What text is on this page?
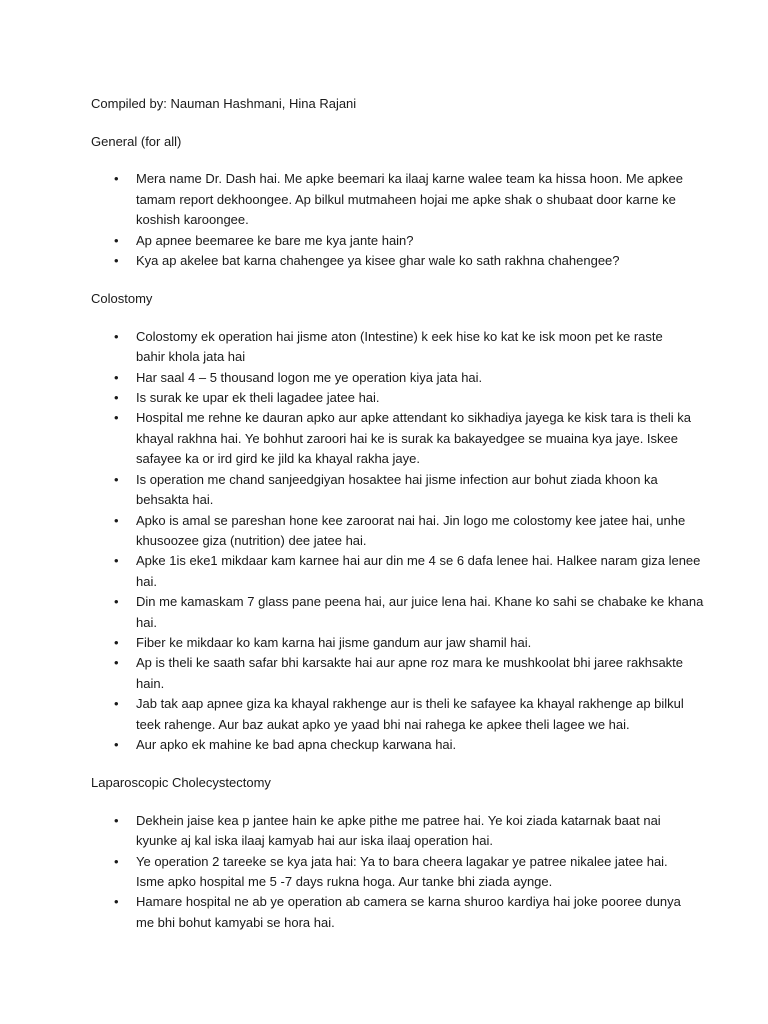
Compiled by: Nauman Hashmani, Hina Rajani

General (for all)

•	Mera name Dr. Dash hai. Me apke beemari ka ilaaj karne walee team ka hissa hoon. Me apkee
tamam report dekhoongee. Ap bilkul mutmaheen hojai me apke shak o shubaat door karne ke
koshish karoongee.
•	Ap apnee beemaree ke bare me kya jante hain?
•	Kya ap akelee bat karna chahengee ya kisee ghar wale ko sath rakhna chahengee?

Colostomy

•	Colostomy ek operation hai jisme aton (Intestine) k eek hise ko kat ke isk moon pet ke raste
bahir khola jata hai
•	Har saal 4 – 5 thousand logon me ye operation kiya jata hai.
•	Is surak ke upar ek theli lagadee jatee hai.
•	Hospital me rehne ke dauran apko aur apke attendant ko sikhadiya jayega ke kisk tara is theli ka
khayal rakhna hai. Ye bohhut zaroori hai ke is surak ka bakayedgee se muaina kya jaye. Iskee
safayee ka or ird gird ke jild ka khayal rakha jaye.
•	Is operation me chand sanjeedgiyan hosaktee hai jisme infection aur bohut ziada khoon ka
behsakta hai.
•	Apko is amal se pareshan hone kee zaroorat nai hai. Jin logo me colostomy kee jatee hai, unhe
khusoozee giza (nutrition) dee jatee hai.
•	Apke 1is eke1 mikdaar kam karnee hai aur din me 4 se 6 dafa lenee hai. Halkee naram giza lenee
hai.
•	Din me kamaskam 7 glass pane peena hai, aur juice lena hai. Khane ko sahi se chabake ke khana
hai.
•	Fiber ke mikdaar ko kam karna hai jisme gandum aur jaw shamil hai.
•	Ap is theli ke saath safar bhi karsakte hai aur apne roz mara ke mushkoolat bhi jaree rakhsakte
hain.
•	Jab tak aap apnee giza ka khayal rakhenge aur is theli ke safayee ka khayal rakhenge ap bilkul
teek rahenge. Aur baz aukat apko ye yaad bhi nai rahega ke apkee theli lagee we hai.
•	Aur apko ek mahine ke bad apna checkup karwana hai.

Laparoscopic Cholecystectomy

•	Dekhein jaise kea p jantee hain ke apke pithe me patree hai. Ye koi ziada katarnak baat nai
kyunke aj kal iska ilaaj kamyab hai aur iska ilaaj operation hai.
•	Ye operation 2 tareeke se kya jata hai: Ya to bara cheera lagakar ye patree nikalee jatee hai.
Isme apko hospital me 5 -7 days rukna hoga. Aur tanke bhi ziada aynge.
•	Hamare hospital ne ab ye operation ab camera se karna shuroo kardiya hai joke pooree dunya
me bhi bohut kamyabi se hora hai.
